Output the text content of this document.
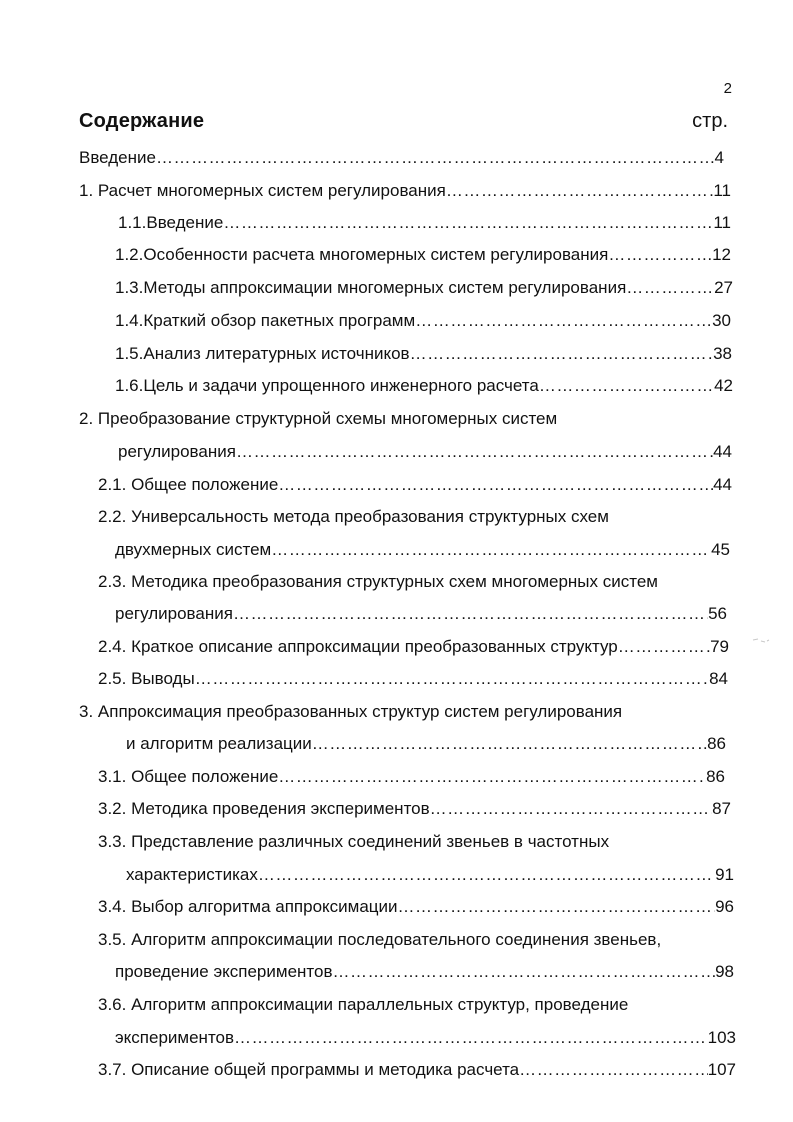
2
Содержание	стр.
Введение …………………………………………………………………………………………………………………………………………………………………………	4
1. Расчет многомерных систем регулирования …………………………………………………………………………………………………………………………………………………………………………	11
1.1.Введение …………………………………………………………………………………………………………………………………………………………………………	11
1.2.Особенности расчета многомерных систем регулирования …………………………………………………………………………………………………………………………………………………………………………	12
1.3.Методы аппроксимации многомерных систем регулирования …………………………………………………………………………………………………………………………………………………………………………	27
1.4.Краткий обзор пакетных программ …………………………………………………………………………………………………………………………………………………………………………	30
1.5.Анализ литературных источников …………………………………………………………………………………………………………………………………………………………………………	38
1.6.Цель и задачи упрощенного инженерного расчета …………………………………………………………………………………………………………………………………………………………………………	42
2. Преобразование структурной схемы многомерных систем
регулирования …………………………………………………………………………………………………………………………………………………………………………	44
2.1. Общее положение …………………………………………………………………………………………………………………………………………………………………………	44
2.2. Универсальность метода преобразования структурных схем
двухмерных систем …………………………………………………………………………………………………………………………………………………………………………	45
2.3. Методика преобразования структурных схем многомерных систем
регулирования …………………………………………………………………………………………………………………………………………………………………………	56
2.4. Краткое описание аппроксимации преобразованных структур …………………………………………………………………………………………………………………………………………………………………………	79
2.5. Выводы …………………………………………………………………………………………………………………………………………………………………………	84
3. Аппроксимация преобразованных структур систем регулирования
и алгоритм реализации …………………………………………………………………………………………………………………………………………………………………………	86
3.1. Общее положение …………………………………………………………………………………………………………………………………………………………………………	86
3.2. Методика проведения экспериментов …………………………………………………………………………………………………………………………………………………………………………	87
3.3. Представление различных соединений звеньев в частотных
характеристиках …………………………………………………………………………………………………………………………………………………………………………	91
3.4. Выбор алгоритма аппроксимации …………………………………………………………………………………………………………………………………………………………………………	96
3.5. Алгоритм аппроксимации последовательного соединения звеньев,
проведение экспериментов …………………………………………………………………………………………………………………………………………………………………………	98
3.6. Алгоритм аппроксимации параллельных структур, проведение
экспериментов …………………………………………………………………………………………………………………………………………………………………………	103
3.7. Описание общей программы и методика расчета …………………………………………………………………………………………………………………………………………………………………………	107
